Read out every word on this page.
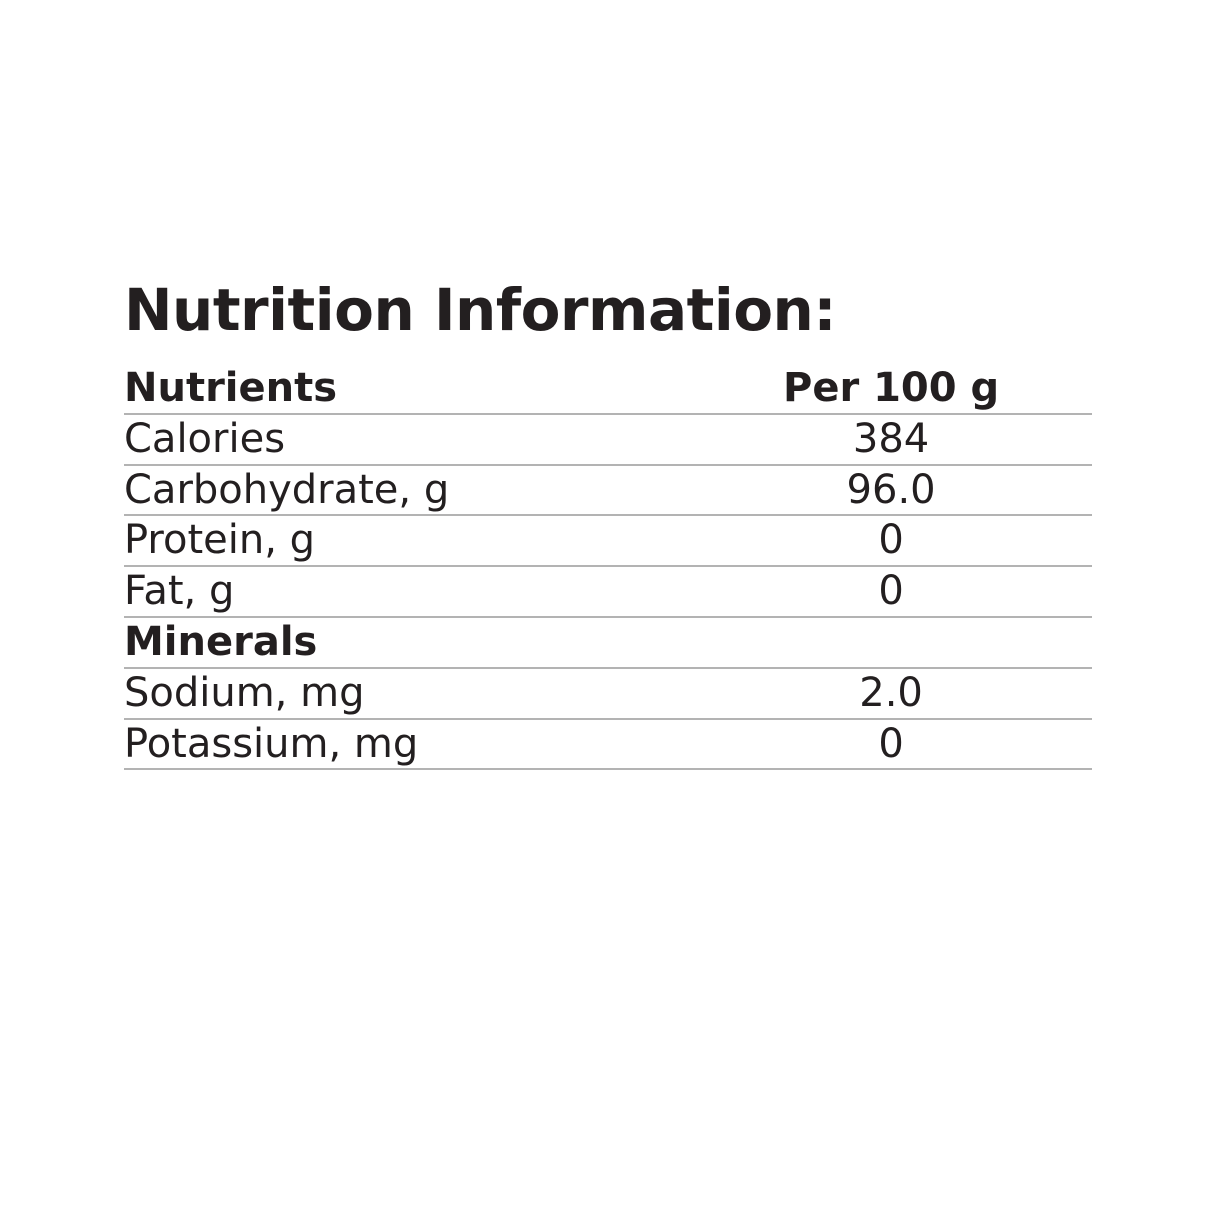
Nutrition Information:
Nutrients	Per 100 g
Calories	384
Carbohydrate, g	96.0
Protein, g	0
Fat, g	0
Minerals	
Sodium, mg	2.0
Potassium, mg	0
